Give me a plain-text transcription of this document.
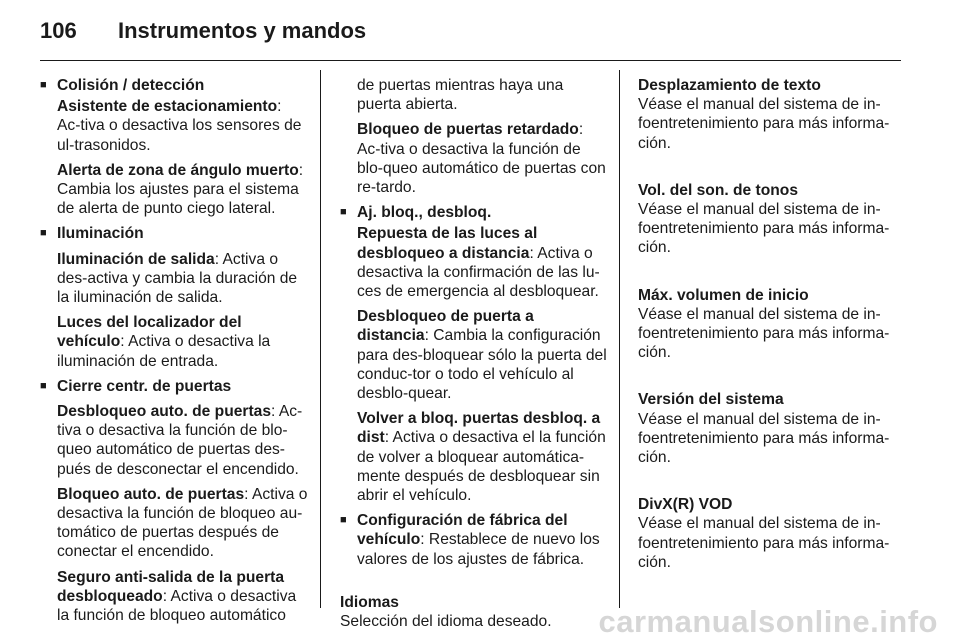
106	Instrumentos y mandos
■ Colisión / detección
Asistente de estacionamiento: Ac-tiva o desactiva los sensores de ul-trasonidos.
Alerta de zona de ángulo muerto: Cambia los ajustes para el sistema de alerta de punto ciego lateral.
■ Iluminación
Iluminación de salida: Activa o des-activa y cambia la duración de la iluminación de salida.
Luces del localizador del vehículo: Activa o desactiva la iluminación de entrada.
■ Cierre centr. de puertas
Desbloqueo auto. de puertas: Ac-tiva o desactiva la función de blo-queo automático de puertas des-pués de desconectar el encendido.
Bloqueo auto. de puertas: Activa o desactiva la función de bloqueo au-tomático de puertas después de conectar el encendido.
Seguro anti-salida de la puerta desbloqueado: Activa o desactiva la función de bloqueo automático
de puertas mientras haya una puerta abierta.
Bloqueo de puertas retardado: Ac-tiva o desactiva la función de blo-queo automático de puertas con re-tardo.
■ Aj. bloq., desbloq.
Repuesta de las luces al desbloqueo a distancia: Activa o desactiva la confirmación de las lu-ces de emergencia al desbloquear.
Desbloqueo de puerta a distancia: Cambia la configuración para des-bloquear sólo la puerta del conduc-tor o todo el vehículo al desblo-quear.
Volver a bloq. puertas desbloq. a dist: Activa o desactiva el la función de volver a bloquear automática-mente después de desbloquear sin abrir el vehículo.
■ Configuración de fábrica del vehículo: Restablece de nuevo los valores de los ajustes de fábrica.
Idiomas
Selección del idioma deseado.
Desplazamiento de texto
Véase el manual del sistema de in-foentretenimiento para más informa-ción.
Vol. del son. de tonos
Véase el manual del sistema de in-foentretenimiento para más informa-ción.
Máx. volumen de inicio
Véase el manual del sistema de in-foentretenimiento para más informa-ción.
Versión del sistema
Véase el manual del sistema de in-foentretenimiento para más informa-ción.
DivX(R) VOD
Véase el manual del sistema de in-foentretenimiento para más informa-ción.
carmanualsonline.info
